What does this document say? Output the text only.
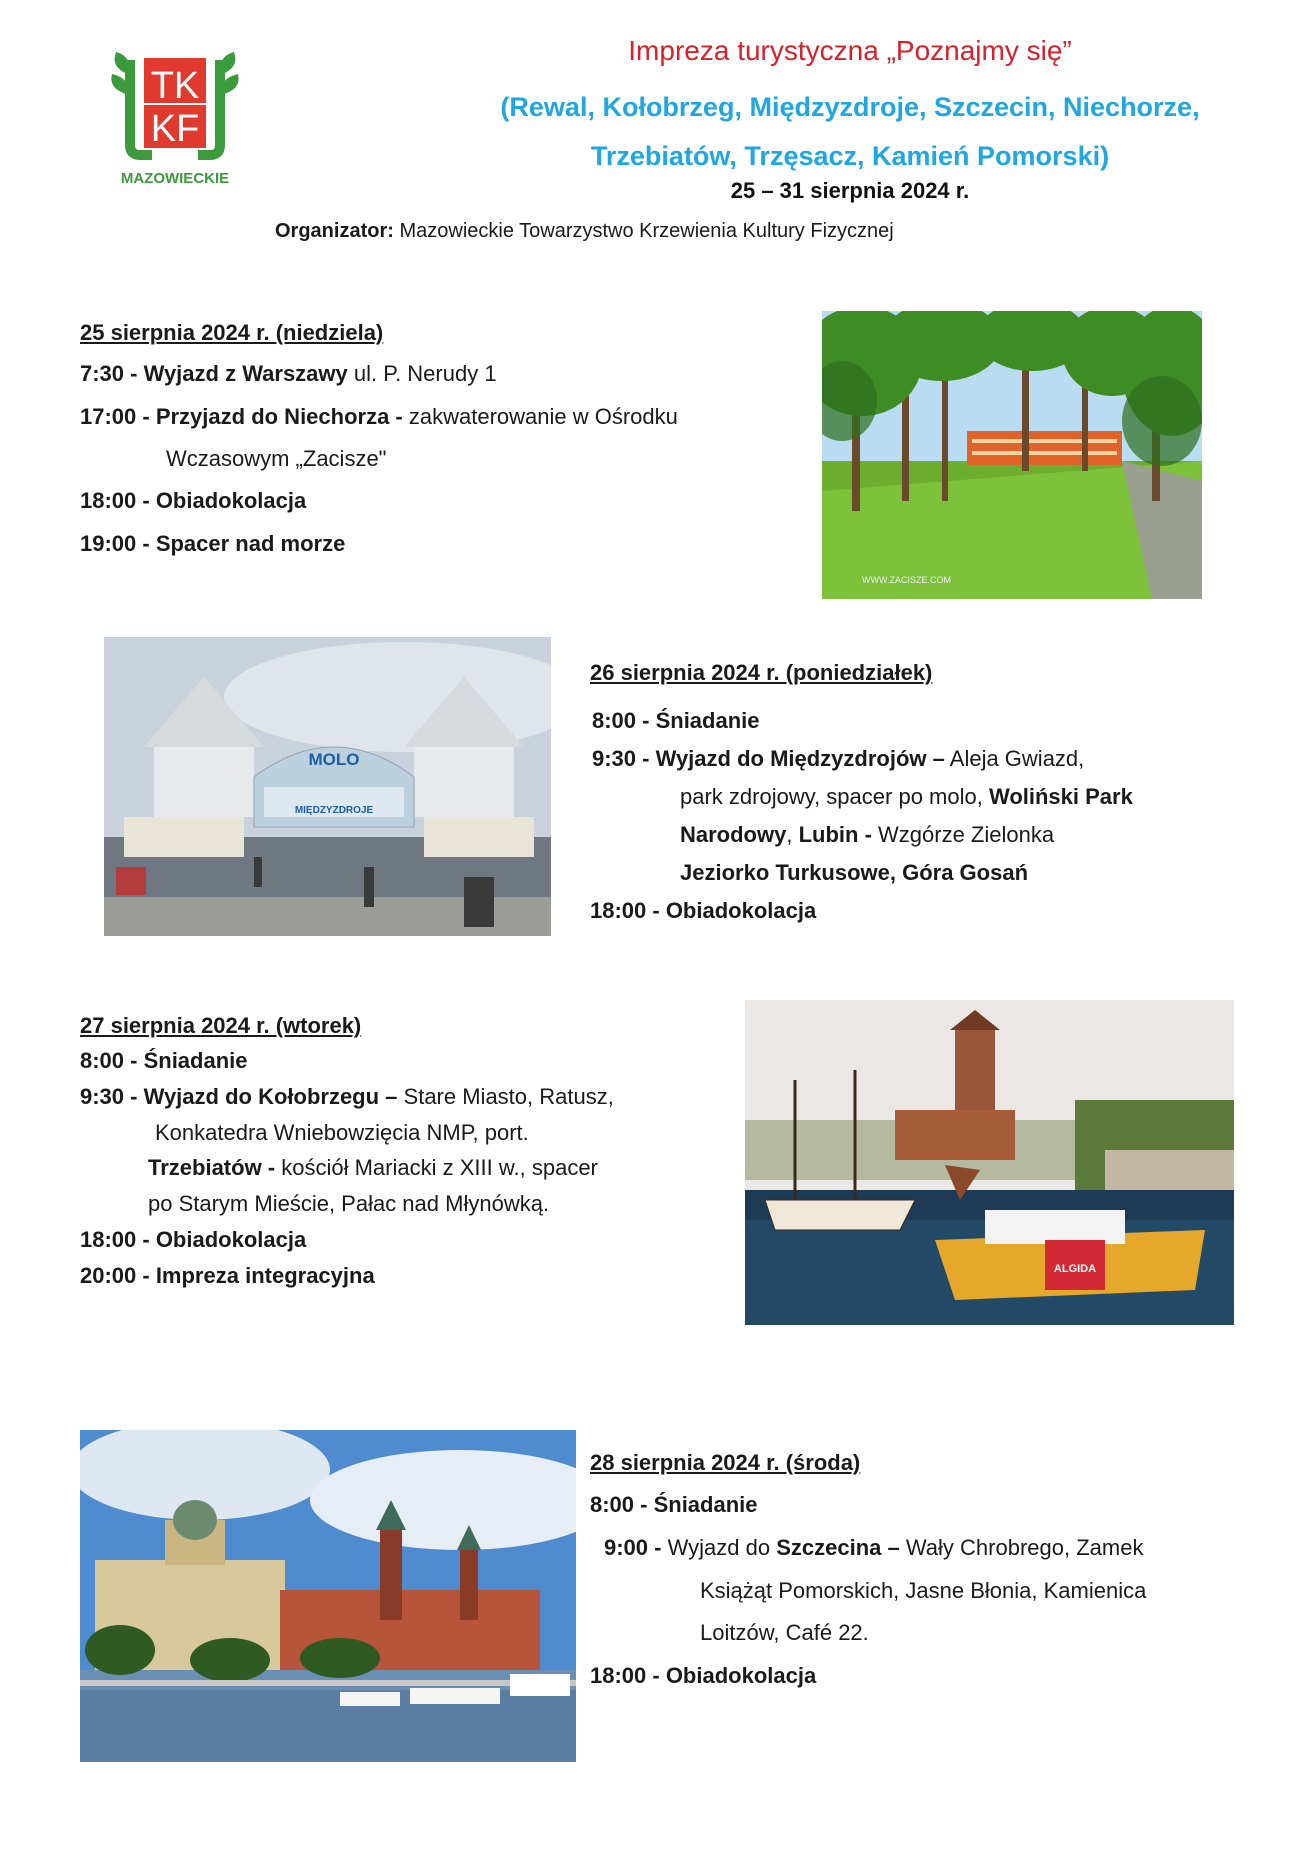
TK
KF
MAZOWIECKIE
Impreza turystyczna „Poznajmy się”
(Rewal, Kołobrzeg, Międzyzdroje, Szczecin, Niechorze,
Trzebiatów, Trzęsacz, Kamień Pomorski)
25 – 31 sierpnia 2024 r.
Organizator: Mazowieckie Towarzystwo Krzewienia Kultury Fizycznej
25 sierpnia 2024 r. (niedziela)
7:30 - Wyjazd z Warszawy ul. P. Nerudy 1
17:00 - Przyjazd do Niechorza - zakwaterowanie w Ośrodku
Wczasowym „Zacisze"
18:00 - Obiadokolacja
19:00 - Spacer nad morze
WWW.ZACISZE.COM
MOLO
MIĘDZYZDROJE
26 sierpnia 2024 r. (poniedziałek)
8:00 - Śniadanie
9:30 - Wyjazd do Międzyzdrojów – Aleja Gwiazd,
park zdrojowy, spacer po molo, Woliński Park
Narodowy, Lubin - Wzgórze Zielonka
Jeziorko Turkusowe, Góra Gosań
18:00 - Obiadokolacja
27 sierpnia 2024 r. (wtorek)
8:00 - Śniadanie
9:30 - Wyjazd do Kołobrzegu – Stare Miasto, Ratusz,
Konkatedra Wniebowzięcia NMP, port.
Trzebiatów - kościół Mariacki z XIII w., spacer
po Starym Mieście, Pałac nad Młynówką.
18:00 - Obiadokolacja
20:00 - Impreza integracyjna	ALGIDA
28 sierpnia 2024 r. (środa)
8:00 - Śniadanie
9:00 - Wyjazd do Szczecina – Wały Chrobrego, Zamek
Książąt Pomorskich, Jasne Błonia, Kamienica
Loitzów, Café 22.
18:00 - Obiadokolacja
